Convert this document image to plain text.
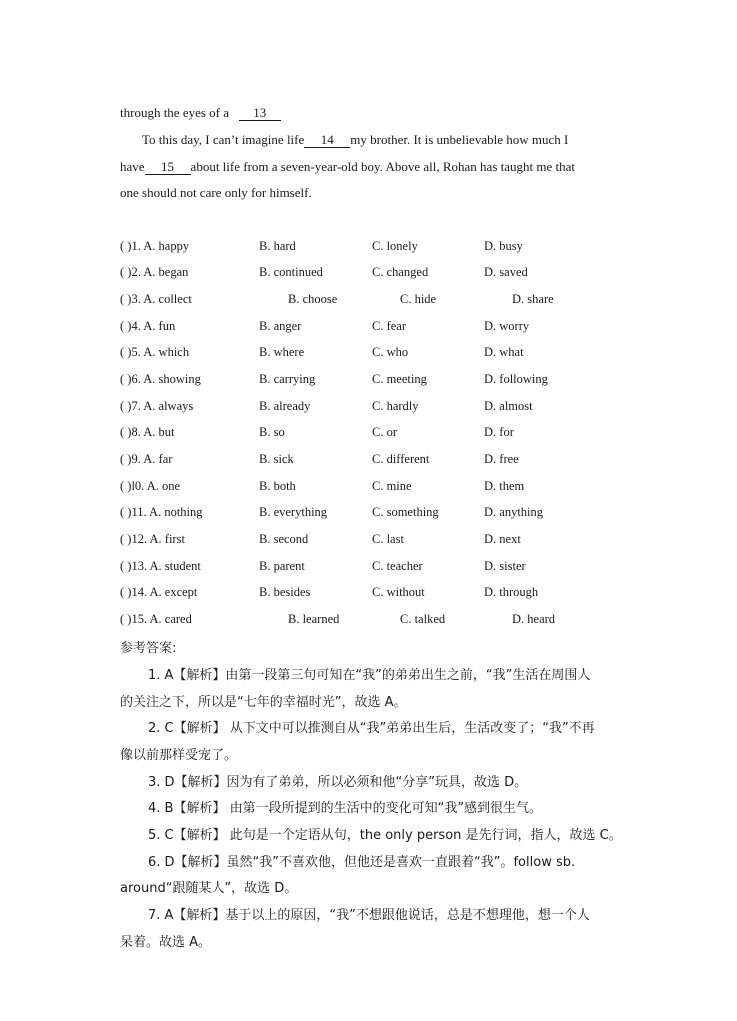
through the eyes of a 13
To this day, I can’t imagine life 14 my brother. It is unbelievable how much I
have 15 about life from a seven-year-old boy. Above all, Rohan has taught me that
one should not care only for himself.
( )1. A. happy	B. hard	C. lonely	D. busy
( )2. A. began	B. continued	C. changed	D. saved
( )3. A. collect	B. choose	C. hide	D. share
( )4. A. fun	B. anger	C. fear	D. worry
( )5. A. which	B. where	C. who	D. what
( )6. A. showing	B. carrying	C. meeting	D. following
( )7. A. always	B. already	C. hardly	D. almost
( )8. A. but	B. so	C. or	D. for
( )9. A. far	B. sick	C. different	D. free
( )l0. A. one	B. both	C. mine	D. them
( )11. A. nothing	B. everything	C. something	D. anything
( )12. A. first	B. second	C. last	D. next
( )13. A. student	B. parent	C. teacher	D. sister
( )14. A. except	B. besides	C. without	D. through
( )15. A. cared	B. learned	C. talked	D. heard
参考答案:
1. A【解析】由第一段第三句可知在“我”的弟弟出生之前，“我”生活在周围人
的关注之下，所以是“七年的幸福时光”，故选 A。
2. C【解析】 从下文中可以推测自从“我”弟弟出生后，生活改变了；“我”不再
像以前那样受宠了。
3. D【解析】因为有了弟弟，所以必须和他“分享”玩具，故选 D。
4. B【解析】 由第一段所提到的生活中的变化可知“我”感到很生气。
5. C【解析】 此句是一个定语从句，the only person 是先行词，指人，故选 C。
6. D【解析】虽然“我”不喜欢他，但他还是喜欢一直跟着“我”。follow sb.
around“跟随某人”，故选 D。
7. A【解析】基于以上的原因，“我”不想跟他说话，总是不想理他，想一个人
呆着。故选 A。
